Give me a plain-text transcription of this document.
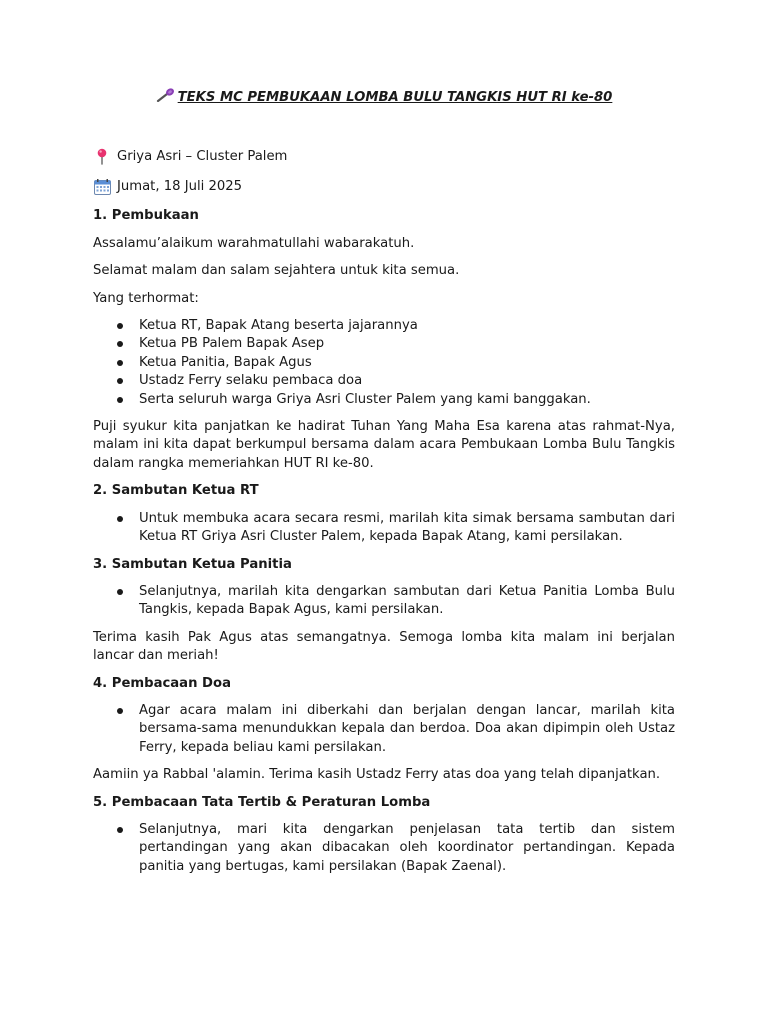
TEKS MC PEMBUKAAN LOMBA BULU TANGKIS HUT RI ke-80
Griya Asri – Cluster Palem
Jumat, 18 Juli 2025
1. Pembukaan

Assalamu’alaikum warahmatullahi wabarakatuh.

Selamat malam dan salam sejahtera untuk kita semua.

Yang terhormat:

Ketua RT, Bapak Atang beserta jajarannya
Ketua PB Palem Bapak Asep
Ketua Panitia, Bapak Agus
Ustadz Ferry selaku pembaca doa
Serta seluruh warga Griya Asri Cluster Palem yang kami banggakan.

Puji syukur kita panjatkan ke hadirat Tuhan Yang Maha Esa karena atas rahmat-Nya, malam ini kita dapat berkumpul bersama dalam acara Pembukaan Lomba Bulu Tangkis dalam rangka memeriahkan HUT RI ke-80.

2. Sambutan Ketua RT
Untuk membuka acara secara resmi, marilah kita simak bersama sambutan dari Ketua RT Griya Asri Cluster Palem, kepada Bapak Atang, kami persilakan.
3. Sambutan Ketua Panitia
Selanjutnya, marilah kita dengarkan sambutan dari Ketua Panitia Lomba Bulu Tangkis, kepada Bapak Agus, kami persilakan.

Terima kasih Pak Agus atas semangatnya. Semoga lomba kita malam ini berjalan lancar dan meriah!

4. Pembacaan Doa
Agar acara malam ini diberkahi dan berjalan dengan lancar, marilah kita bersama-sama menundukkan kepala dan berdoa. Doa akan dipimpin oleh Ustaz Ferry, kepada beliau kami persilakan.

Aamiin ya Rabbal 'alamin. Terima kasih Ustadz Ferry atas doa yang telah dipanjatkan.

5. Pembacaan Tata Tertib & Peraturan Lomba
Selanjutnya, mari kita dengarkan penjelasan tata tertib dan sistem pertandingan yang akan dibacakan oleh koordinator pertandingan. Kepada panitia yang bertugas, kami persilakan (Bapak Zaenal).
